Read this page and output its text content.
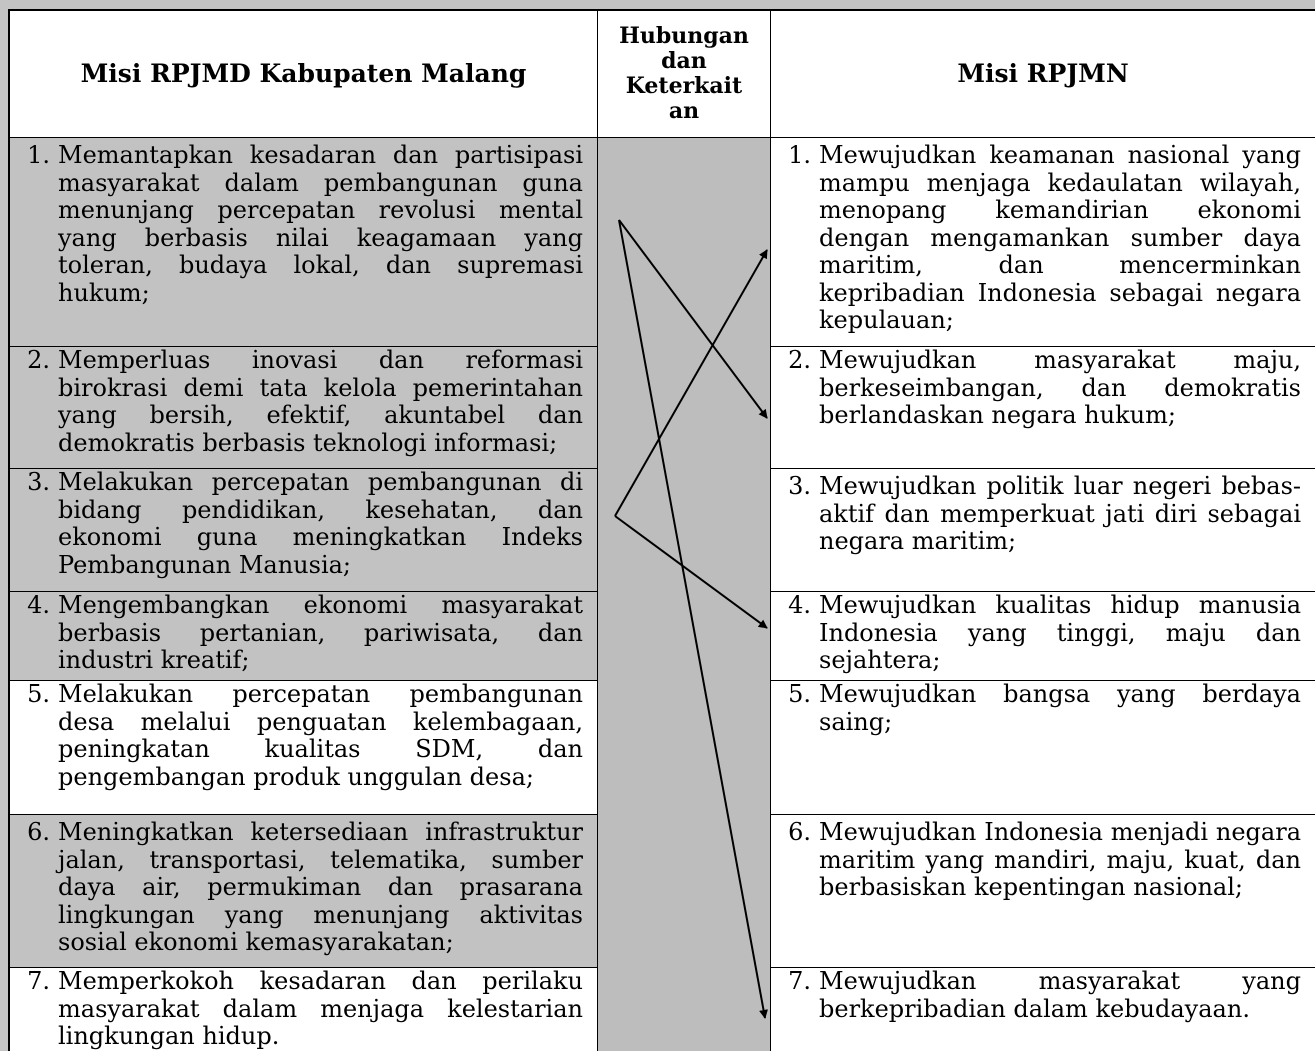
Misi RPJMD Kabupaten Malang
Hubungan
dan
Keterkait
an
Misi RPJMN
1. Memantapkan kesadaran dan partisipasi masyarakat dalam pembangunan guna menunjang percepatan revolusi mental yang berbasis nilai keagamaan yang toleran, budaya lokal, dan supremasi hukum;
2. Memperluas inovasi dan reformasi birokrasi demi tata kelola pemerintahan yang bersih, efektif, akuntabel dan demokratis berbasis teknologi informasi;
3. Melakukan percepatan pembangunan di bidang pendidikan, kesehatan, dan ekonomi guna meningkatkan Indeks Pembangunan Manusia;
4. Mengembangkan ekonomi masyarakat berbasis pertanian, pariwisata, dan industri kreatif;
5. Melakukan percepatan pembangunan desa melalui penguatan kelembagaan, peningkatan kualitas SDM, dan pengembangan produk unggulan desa;
6. Meningkatkan ketersediaan infrastruktur jalan, transportasi, telematika, sumber daya air, permukiman dan prasarana lingkungan yang menunjang aktivitas sosial ekonomi kemasyarakatan;
7. Memperkokoh kesadaran dan perilaku masyarakat dalam menjaga kelestarian lingkungan hidup.
1. Mewujudkan keamanan nasional yang mampu menjaga kedaulatan wilayah, menopang kemandirian ekonomi dengan mengamankan sumber daya maritim, dan mencerminkan kepribadian Indonesia sebagai negara kepulauan;
2. Mewujudkan masyarakat maju, berkeseimbangan, dan demokratis berlandaskan negara hukum;
3. Mewujudkan politik luar negeri bebas-aktif dan memperkuat jati diri sebagai negara maritim;
4. Mewujudkan kualitas hidup manusia Indonesia yang tinggi, maju dan sejahtera;
5. Mewujudkan bangsa yang berdaya saing;
6. Mewujudkan Indonesia menjadi negara maritim yang mandiri, maju, kuat, dan berbasiskan kepentingan nasional;
7. Mewujudkan masyarakat yang berkepribadian dalam kebudayaan.
